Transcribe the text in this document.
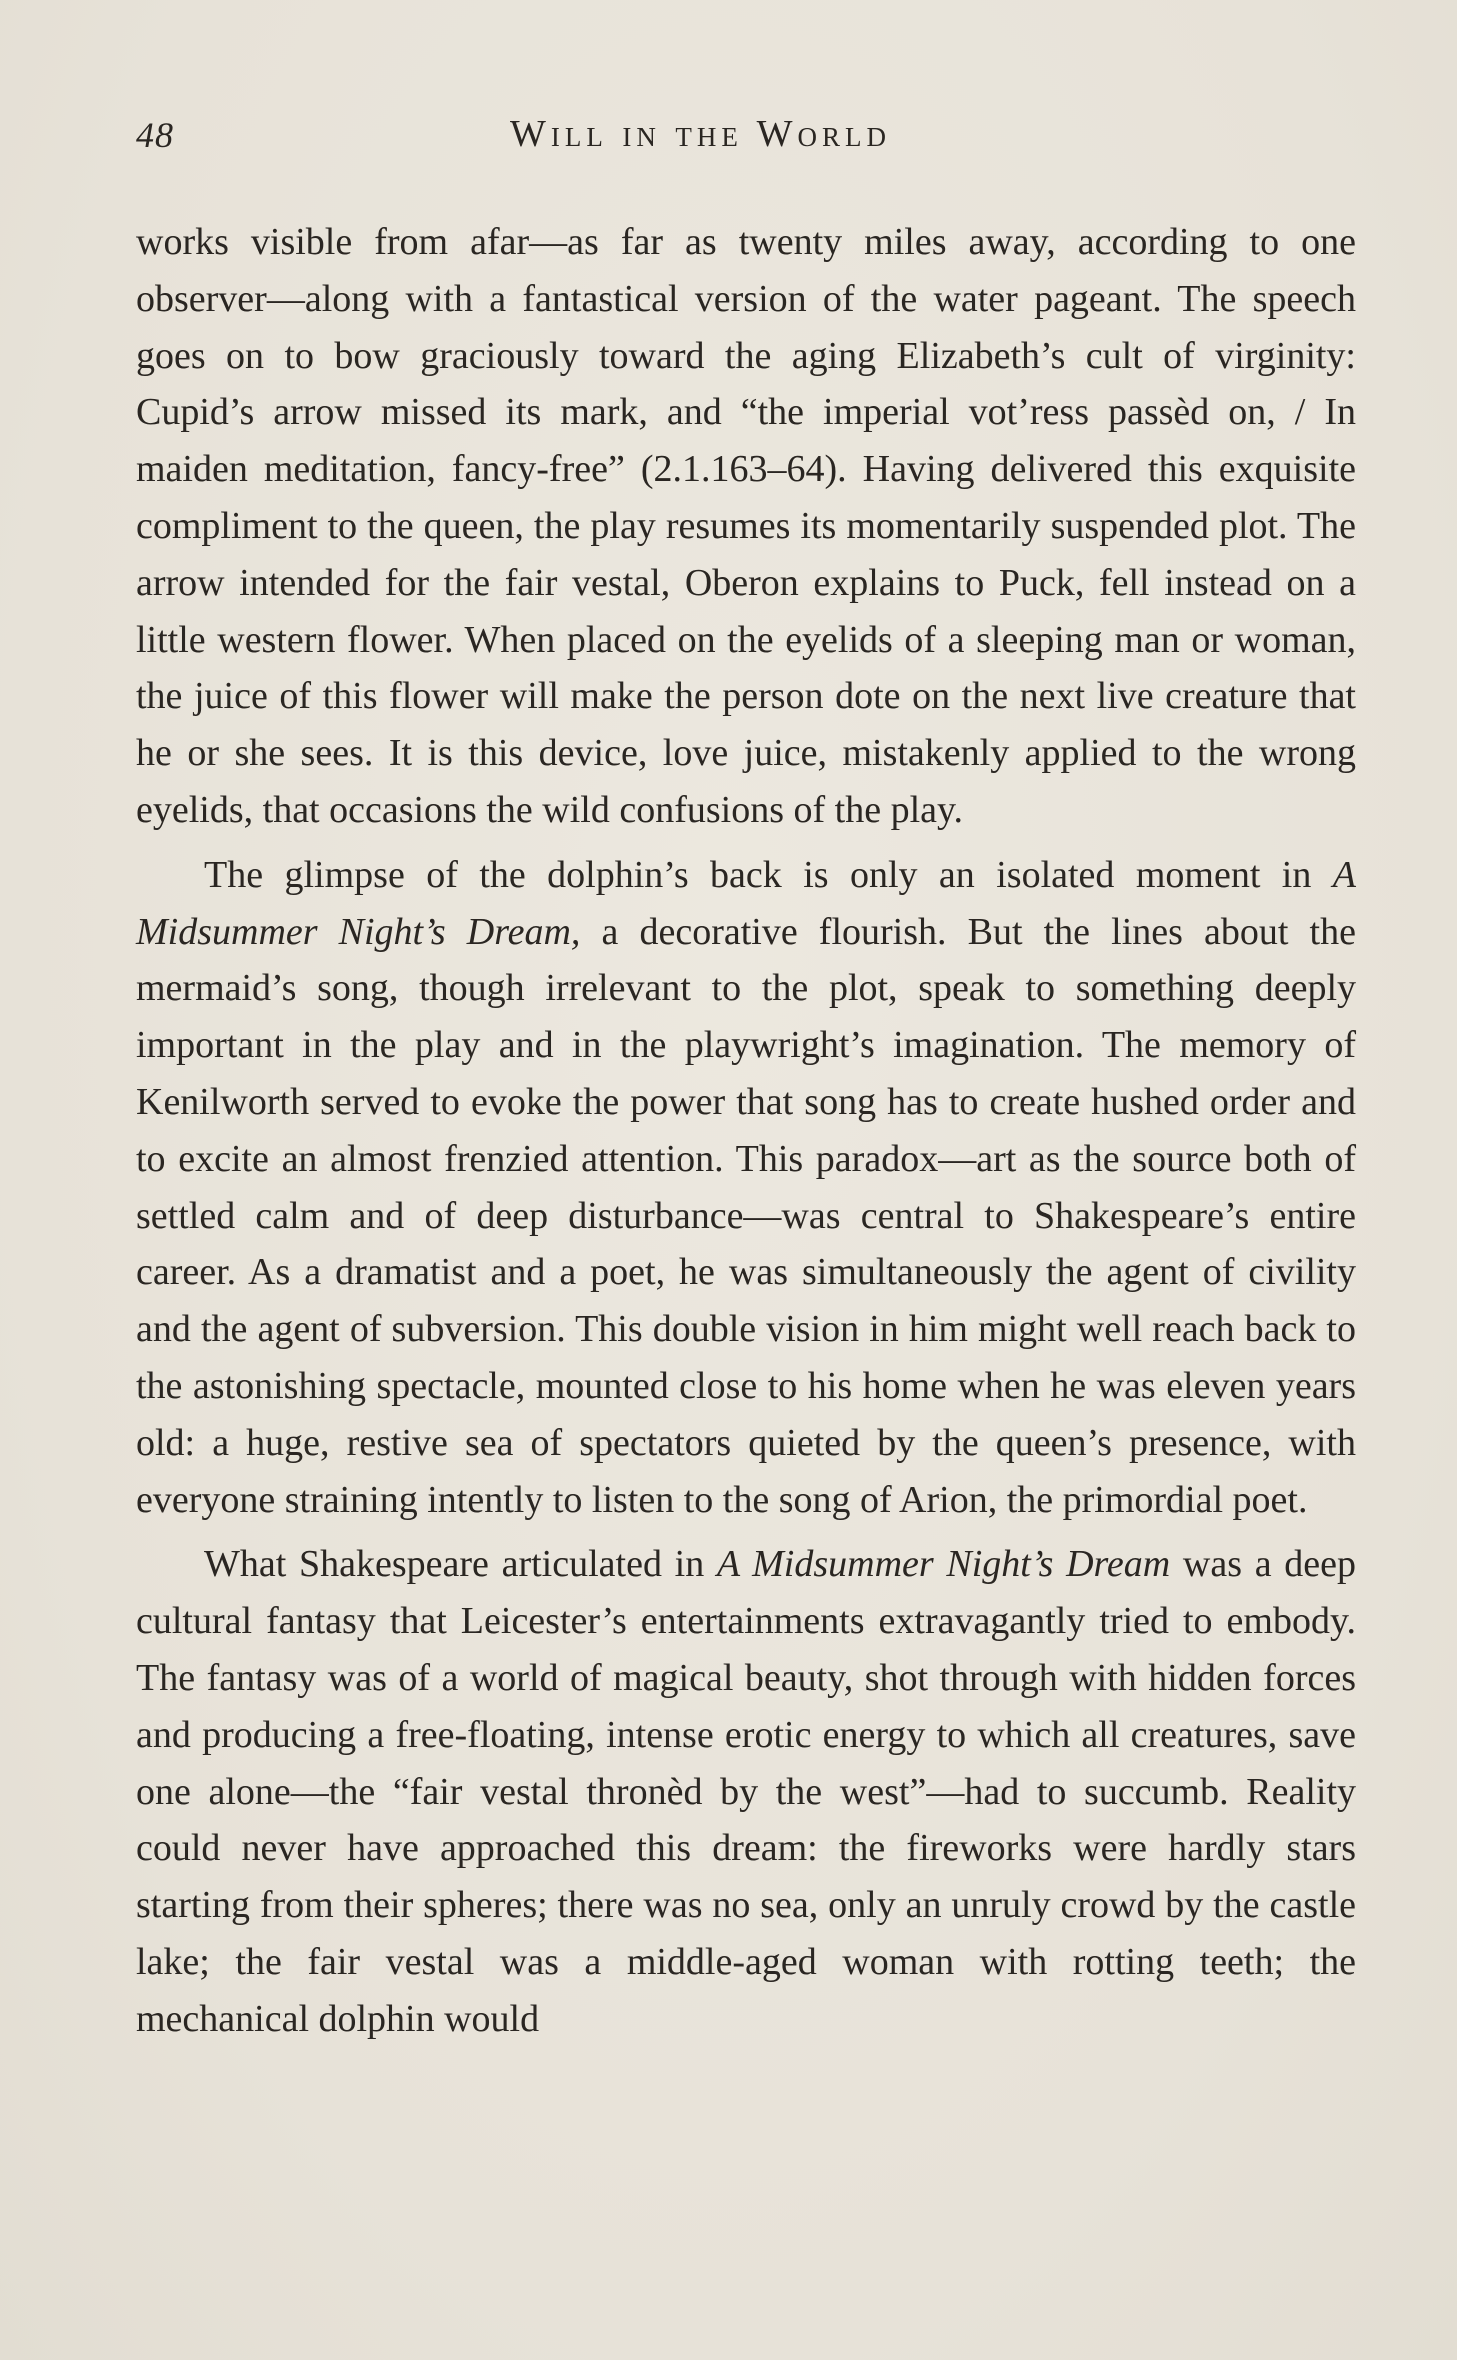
48	Will in the World

works visible from afar—as far as twenty miles away, according to one observer—along with a fantastical version of the water pageant. The speech goes on to bow graciously toward the aging Elizabeth’s cult of virginity: Cupid’s arrow missed its mark, and “the imperial vot’ress passèd on, / In maiden meditation, fancy-free” (2.1.163–64). Having delivered this exquisite compliment to the queen, the play resumes its momentarily suspended plot. The arrow intended for the fair vestal, Oberon explains to Puck, fell instead on a little western flower. When placed on the eyelids of a sleeping man or woman, the juice of this flower will make the person dote on the next live creature that he or she sees. It is this device, love juice, mistakenly applied to the wrong eyelids, that occasions the wild confusions of the play.

The glimpse of the dolphin’s back is only an isolated moment in A Midsummer Night’s Dream, a decorative flourish. But the lines about the mermaid’s song, though irrelevant to the plot, speak to something deeply important in the play and in the playwright’s imagination. The memory of Kenilworth served to evoke the power that song has to create hushed order and to excite an almost frenzied attention. This paradox—art as the source both of settled calm and of deep disturbance—was central to Shakespeare’s entire career. As a dramatist and a poet, he was simultaneously the agent of civility and the agent of subversion. This double vision in him might well reach back to the astonishing spectacle, mounted close to his home when he was eleven years old: a huge, restive sea of spectators quieted by the queen’s presence, with everyone straining intently to listen to the song of Arion, the primordial poet.

What Shakespeare articulated in A Midsummer Night’s Dream was a deep cultural fantasy that Leicester’s entertainments extravagantly tried to embody. The fantasy was of a world of magical beauty, shot through with hidden forces and producing a free-floating, intense erotic energy to which all creatures, save one alone—the “fair vestal thronèd by the west”—had to succumb. Reality could never have approached this dream: the fireworks were hardly stars starting from their spheres; there was no sea, only an unruly crowd by the castle lake; the fair vestal was a middle-aged woman with rotting teeth; the mechanical dolphin would
